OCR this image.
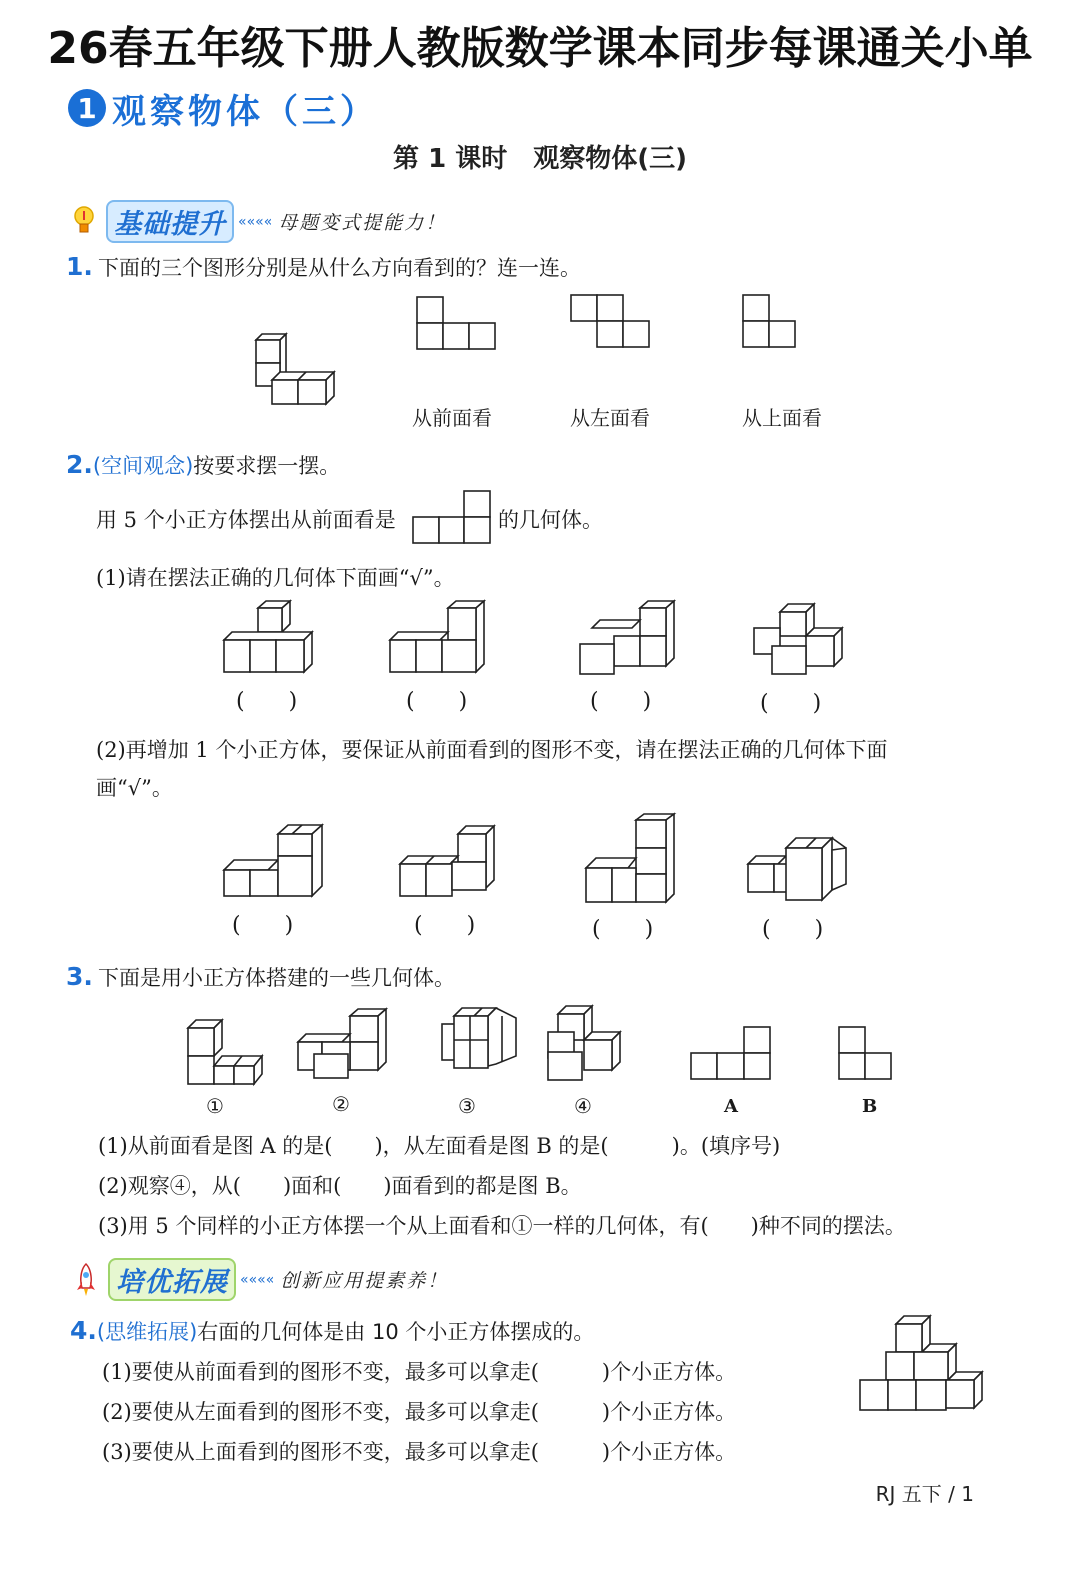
26春五年级下册人教版数学课本同步每课通关小单
1 观察物体（三）
第 1 课时　观察物体(三)
基础提升 «««« 母题变式提能力！
1. 下面的三个图形分别是从什么方向看到的？连一连。
从前面看	从左面看	从上面看
2.(空间观念)按要求摆一摆。
用 5 个小正方体摆出从前面看是	的几何体。
(1)请在摆法正确的几何体下面画“√”。
(　　)	(　　)	(　　)	(　　)
(2)再增加 1 个小正方体，要保证从前面看到的图形不变，请在摆法正确的几何体下面
画“√”。
(　　)	(　　)	(　　)	(　　)
3. 下面是用小正方体搭建的一些几何体。
①	②	③	④	A	B
(1)从前面看是图 A 的是(　　)，从左面看是图 B 的是(　　　)。(填序号)
(2)观察④，从(　　)面和(　　)面看到的都是图 B。
(3)用 5 个同样的小正方体摆一个从上面看和①一样的几何体，有(　　)种不同的摆法。
培优拓展 «««« 创新应用提素养！
4.(思维拓展)右面的几何体是由 10 个小正方体摆成的。
(1)要使从前面看到的图形不变，最多可以拿走(　　　)个小正方体。
(2)要使从左面看到的图形不变，最多可以拿走(　　　)个小正方体。
(3)要使从上面看到的图形不变，最多可以拿走(　　　)个小正方体。
RJ 五下 / 1
